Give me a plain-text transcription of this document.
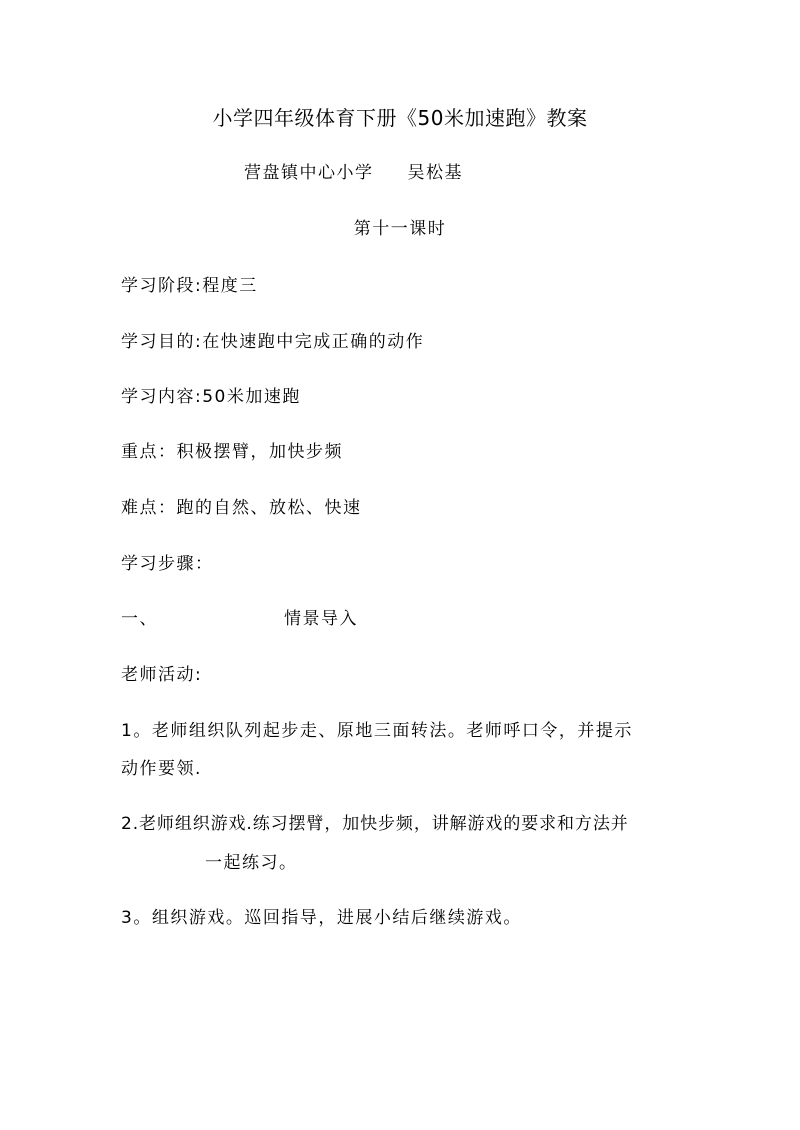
小学四年级体育下册《50米加速跑》教案
营盘镇中心小学 吴松基
第十一课时
学习阶段:程度三
学习目的:在快速跑中完成正确的动作
学习内容:50米加速跑
重点：积极摆臂，加快步频
难点：跑的自然、放松、快速
学习步骤：
一、	情景导入
老师活动:
1。老师组织队列起步走、原地三面转法。老师呼口令，并提示
动作要领.
2.老师组织游戏.练习摆臂，加快步频，讲解游戏的要求和方法并
一起练习。
3。组织游戏。巡回指导，进展小结后继续游戏。
